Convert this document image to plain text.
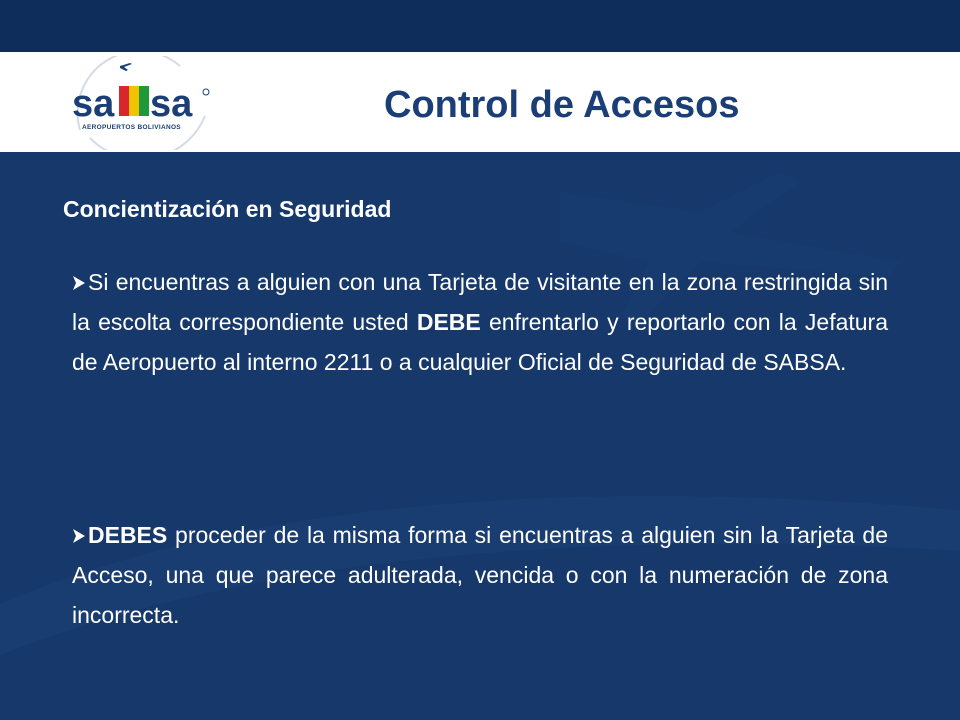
sa sa
AEROPUERTOS BOLIVIANOS
Control de Accesos
Concientización en Seguridad
Si encuentras a alguien con una Tarjeta de visitante en la zona restringida sin la escolta correspondiente usted DEBE enfrentarlo y reportarlo con la Jefatura de Aeropuerto al interno 2211 o a cualquier Oficial de Seguridad de SABSA.
DEBES proceder de la misma forma si encuentras a alguien sin la Tarjeta de Acceso, una que parece adulterada, vencida o con la numeración de zona incorrecta.
